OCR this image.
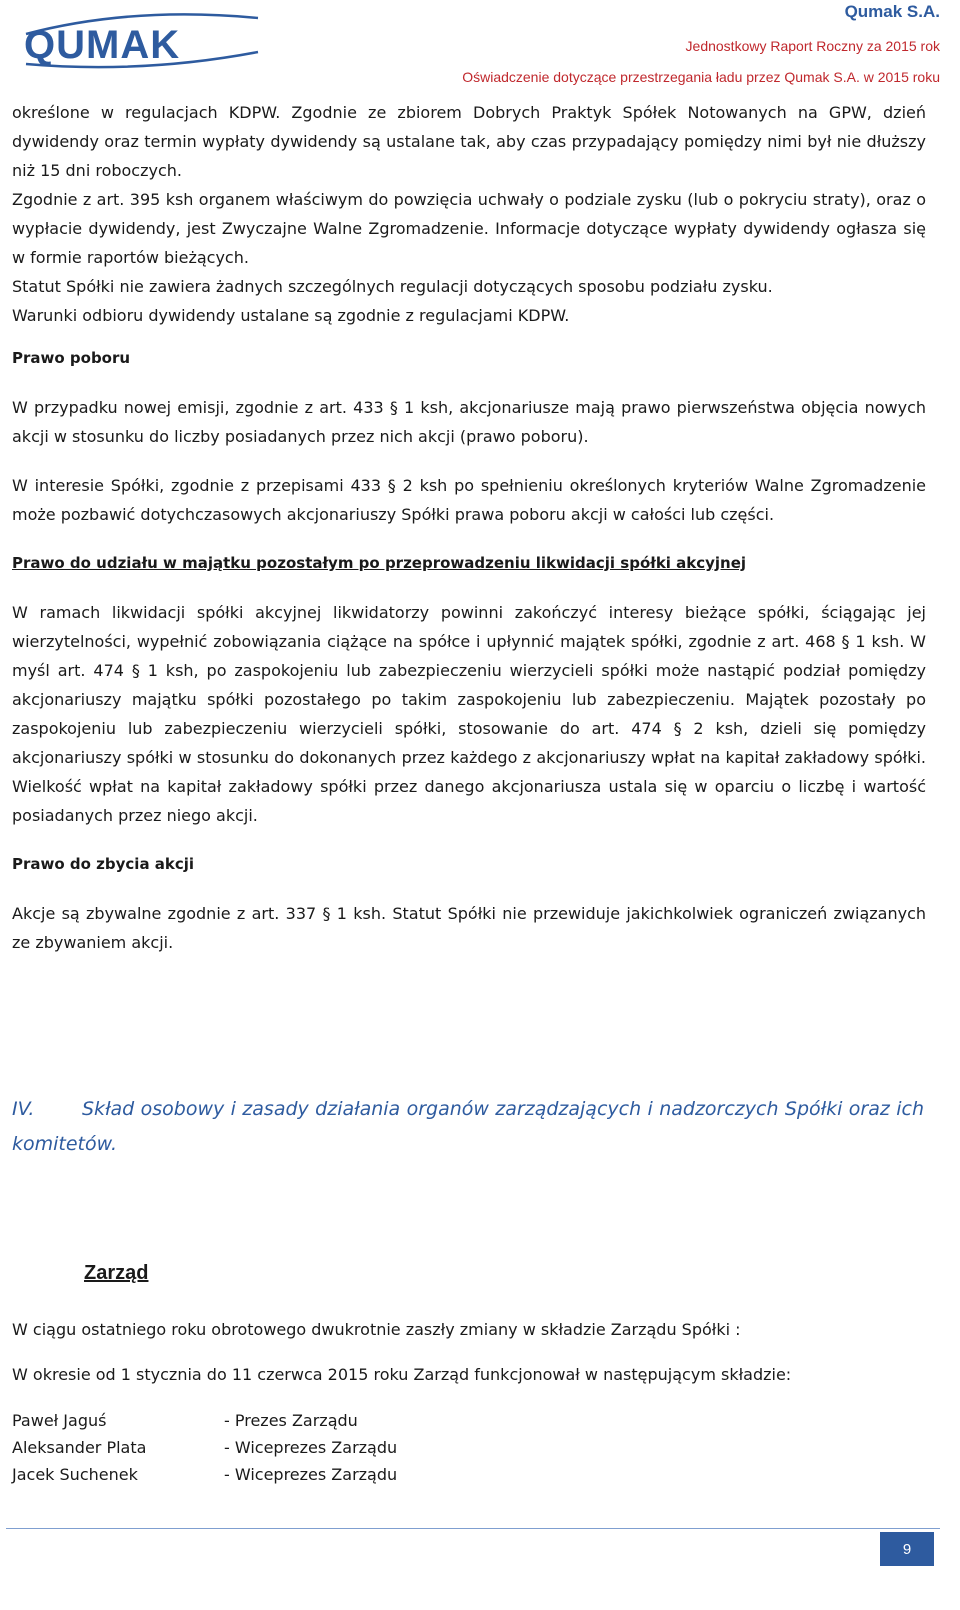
QUMAK
Qumak S.A.
Jednostkowy Raport Roczny za 2015 rok
Oświadczenie dotyczące przestrzegania ładu przez Qumak S.A. w 2015 roku
określone w regulacjach KDPW. Zgodnie ze zbiorem Dobrych Praktyk Spółek Notowanych na GPW, dzień dywidendy oraz termin wypłaty dywidendy są ustalane tak, aby czas przypadający pomiędzy nimi był nie dłuższy niż 15 dni roboczych.
Zgodnie z art. 395 ksh organem właściwym do powzięcia uchwały o podziale zysku (lub o pokryciu straty), oraz o wypłacie dywidendy, jest Zwyczajne Walne Zgromadzenie. Informacje dotyczące wypłaty dywidendy ogłasza się w formie raportów bieżących.
Statut Spółki nie zawiera żadnych szczególnych regulacji dotyczących sposobu podziału zysku.
Warunki odbioru dywidendy ustalane są zgodnie z regulacjami KDPW.
Prawo poboru
W przypadku nowej emisji, zgodnie z art. 433 § 1 ksh, akcjonariusze mają prawo pierwszeństwa objęcia nowych akcji w stosunku do liczby posiadanych przez nich akcji (prawo poboru).
W interesie Spółki, zgodnie z przepisami 433 § 2 ksh po spełnieniu określonych kryteriów Walne Zgromadzenie może pozbawić dotychczasowych akcjonariuszy Spółki prawa poboru akcji w całości lub części.
Prawo do udziału w majątku pozostałym po przeprowadzeniu likwidacji spółki akcyjnej
W ramach likwidacji spółki akcyjnej likwidatorzy powinni zakończyć interesy bieżące spółki, ściągając jej wierzytelności, wypełnić zobowiązania ciążące na spółce i upłynnić majątek spółki, zgodnie z art. 468 § 1 ksh. W myśl art. 474 § 1 ksh, po zaspokojeniu lub zabezpieczeniu wierzycieli spółki może nastąpić podział pomiędzy akcjonariuszy majątku spółki pozostałego po takim zaspokojeniu lub zabezpieczeniu. Majątek pozostały po zaspokojeniu lub zabezpieczeniu wierzycieli spółki, stosowanie do art. 474 § 2 ksh, dzieli się pomiędzy akcjonariuszy spółki w stosunku do dokonanych przez każdego z akcjonariuszy wpłat na kapitał zakładowy spółki. Wielkość wpłat na kapitał zakładowy spółki przez danego akcjonariusza ustala się w oparciu o liczbę i wartość posiadanych przez niego akcji.
Prawo do zbycia akcji
Akcje są zbywalne zgodnie z art. 337 § 1 ksh. Statut Spółki nie przewiduje jakichkolwiek ograniczeń związanych ze zbywaniem akcji.
IV.	Skład osobowy i zasady działania organów zarządzających i nadzorczych Spółki oraz ich komitetów.
Zarząd
W ciągu ostatniego roku obrotowego dwukrotnie zaszły zmiany w składzie Zarządu Spółki :
W okresie od 1 stycznia do 11 czerwca 2015 roku Zarząd funkcjonował w następującym składzie:
Paweł Jaguś	- Prezes Zarządu
Aleksander Plata	- Wiceprezes Zarządu
Jacek Suchenek	- Wiceprezes Zarządu
9
